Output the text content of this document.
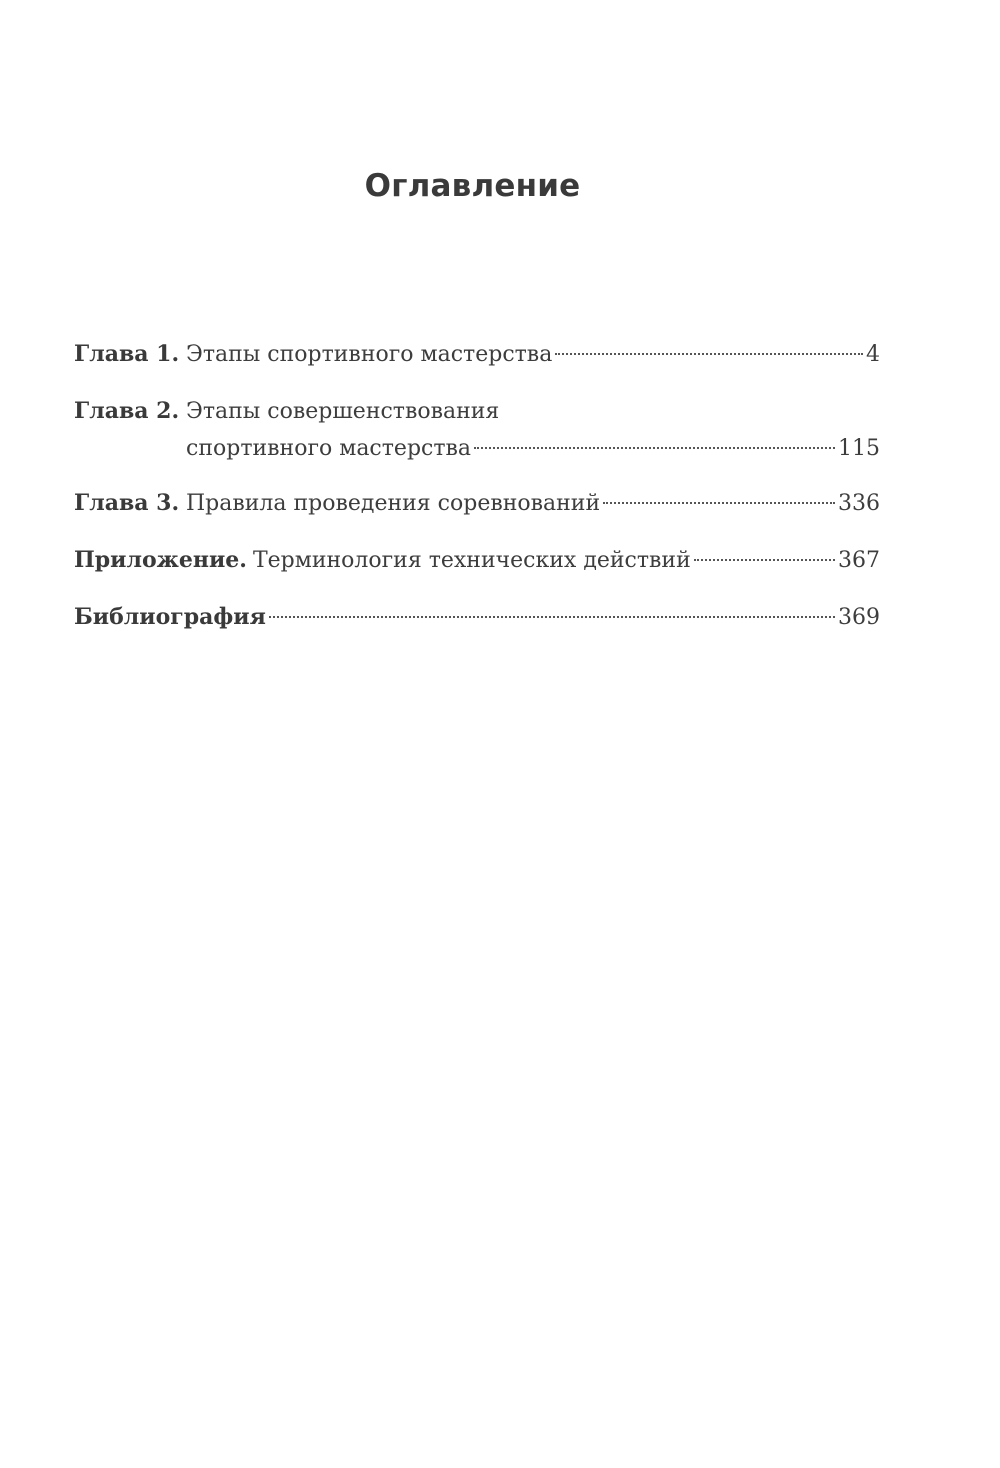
Оглавление
Глава 1. Этапы спортивного мастерства	4
Глава 2. Этапы совершенствования
спортивного мастерства	115
Глава 3. Правила проведения соревнований	336
Приложение. Терминология технических действий	367
Библиография	369
